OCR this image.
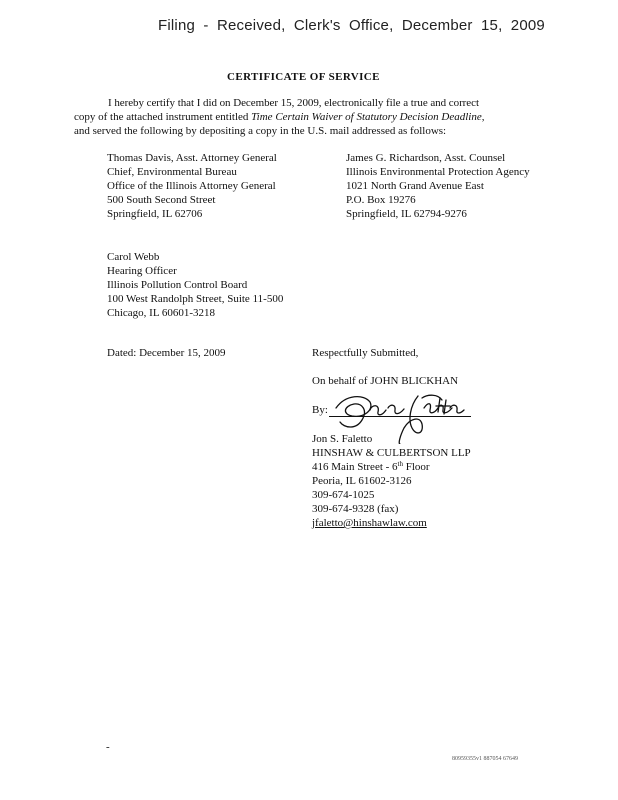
Filing - Received, Clerk's Office, December 15, 2009
CERTIFICATE OF SERVICE
I hereby certify that I did on December 15, 2009, electronically file a true and correct
copy of the attached instrument entitled Time Certain Waiver of Statutory Decision Deadline,
and served the following by depositing a copy in the U.S. mail addressed as follows:
Thomas Davis, Asst. Attorney General
Chief, Environmental Bureau
Office of the Illinois Attorney General
500 South Second Street
Springfield, IL 62706
James G. Richardson, Asst. Counsel
Illinois Environmental Protection Agency
1021 North Grand Avenue East
P.O. Box 19276
Springfield, IL 62794-9276
Carol Webb
Hearing Officer
Illinois Pollution Control Board
100 West Randolph Street, Suite 11-500
Chicago, IL 60601-3218
Dated: December 15, 2009	Respectfully Submitted,
On behalf of JOHN BLICKHAN
By:
Jon S. Faletto
HINSHAW & CULBERTSON LLP
416 Main Street - 6th Floor
Peoria, IL 61602-3126
309-674-1025
309-674-9328 (fax)
jfaletto@hinshawlaw.com
-
80959355v1 887054 67649
